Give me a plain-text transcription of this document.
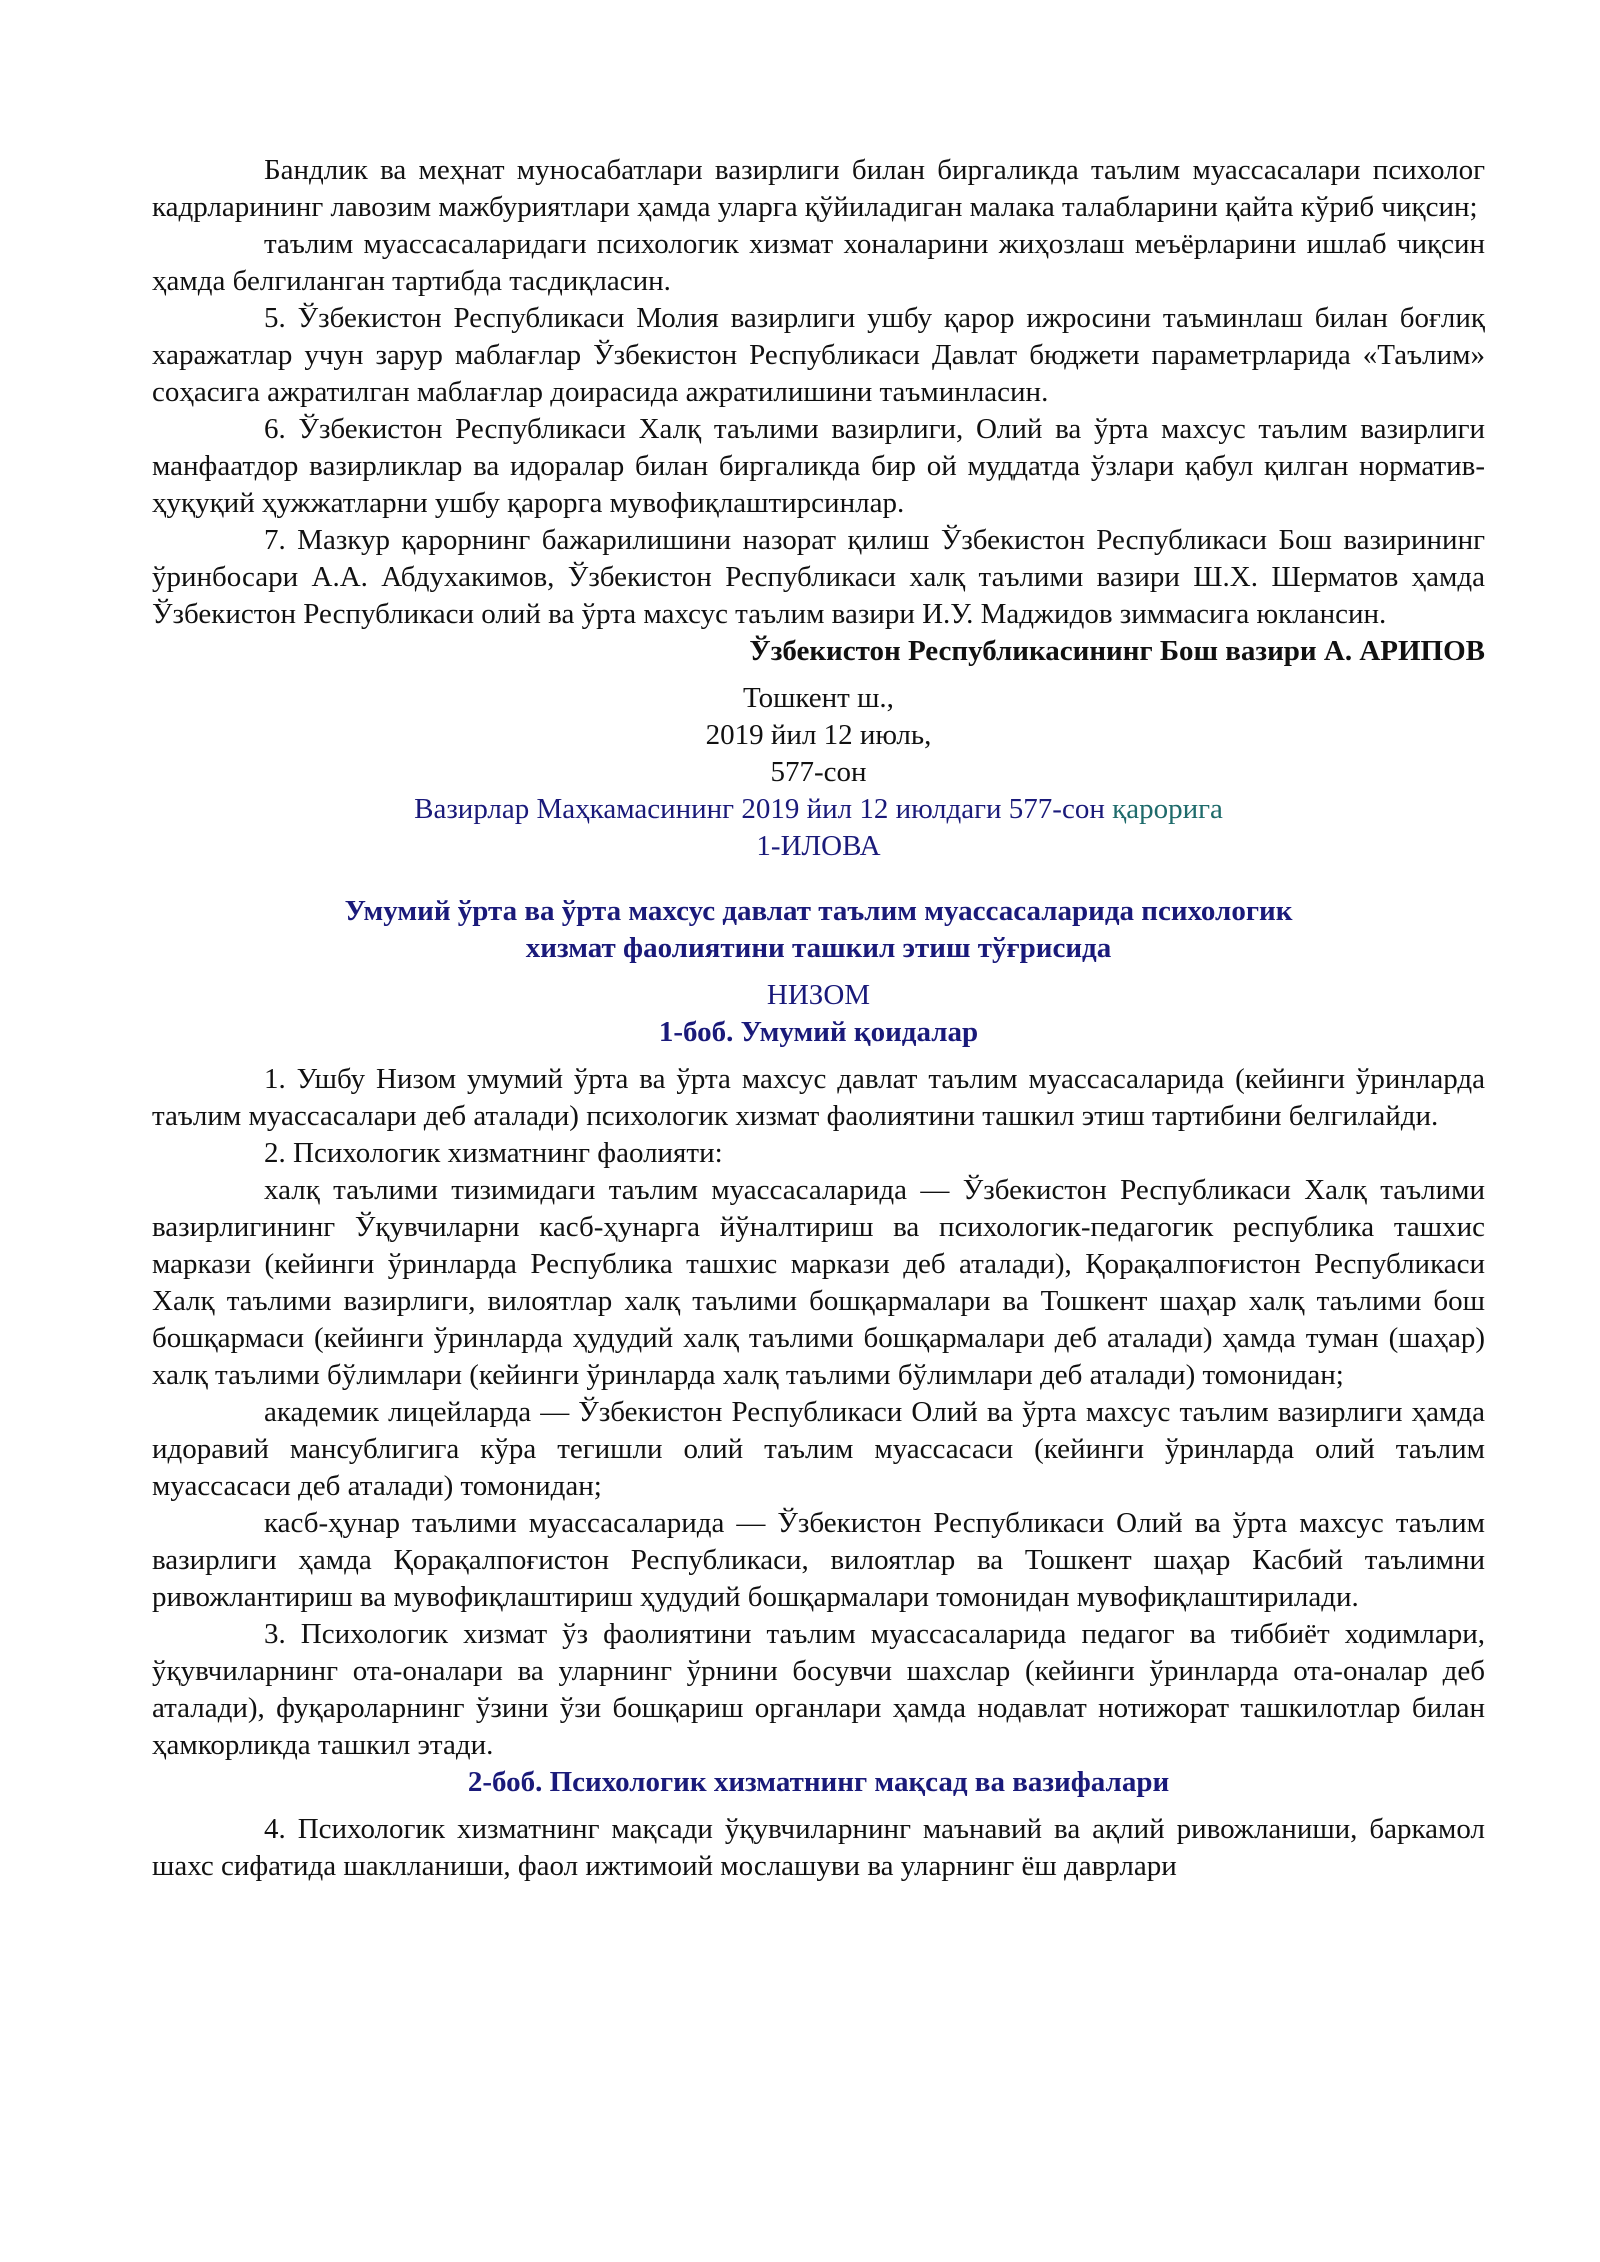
Бандлик ва меҳнат муносабатлари вазирлиги билан биргаликда таълим муассасалари психолог кадрларининг лавозим мажбуриятлари ҳамда уларга қўйиладиган малака талабларини қайта кўриб чиқсин;

таълим муассасаларидаги психологик хизмат хоналарини жиҳозлаш меъёрларини ишлаб чиқсин ҳамда белгиланган тартибда тасдиқласин.

5. Ўзбекистон Республикаси Молия вазирлиги ушбу қарор ижросини таъминлаш билан боғлиқ харажатлар учун зарур маблағлар Ўзбекистон Республикаси Давлат бюджети параметрларида «Таълим» соҳасига ажратилган маблағлар доирасида ажратилишини таъминласин.

6. Ўзбекистон Республикаси Халқ таълими вазирлиги, Олий ва ўрта махсус таълим вазирлиги манфаатдор вазирликлар ва идоралар билан биргаликда бир ой муддатда ўзлари қабул қилган норматив-ҳуқуқий ҳужжатларни ушбу қарорга мувофиқлаштирсинлар.

7. Мазкур қарорнинг бажарилишини назорат қилиш Ўзбекистон Республикаси Бош вазирининг ўринбосари А.А. Абдухакимов, Ўзбекистон Республикаси халқ таълими вазири Ш.Х. Шерматов ҳамда Ўзбекистон Республикаси олий ва ўрта махсус таълим вазири И.У. Маджидов зиммасига юклансин.

Ўзбекистон Республикасининг Бош вазири А. АРИПОВ

Тошкент ш.,

2019 йил 12 июль,

577-сон

Вазирлар Маҳкамасининг 2019 йил 12 июлдаги 577-сон қарорига

1-ИЛОВА

Умумий ўрта ва ўрта махсус давлат таълим муассасаларида психологик хизмат фаолиятини ташкил этиш тўғрисида

НИЗОМ

1-боб. Умумий қоидалар

1. Ушбу Низом умумий ўрта ва ўрта махсус давлат таълим муассасаларида (кейинги ўринларда таълим муассасалари деб аталади) психологик хизмат фаолиятини ташкил этиш тартибини белгилайди.

2. Психологик хизматнинг фаолияти:

халқ таълими тизимидаги таълим муассасаларида — Ўзбекистон Республикаси Халқ таълими вазирлигининг Ўқувчиларни касб-ҳунарга йўналтириш ва психологик-педагогик республика ташхис маркази (кейинги ўринларда Республика ташхис маркази деб аталади), Қорақалпоғистон Республикаси Халқ таълими вазирлиги, вилоятлар халқ таълими бошқармалари ва Тошкент шаҳар халқ таълими бош бошқармаси (кейинги ўринларда ҳудудий халқ таълими бошқармалари деб аталади) ҳамда туман (шаҳар) халқ таълими бўлимлари (кейинги ўринларда халқ таълими бўлимлари деб аталади) томонидан;

академик лицейларда — Ўзбекистон Республикаси Олий ва ўрта махсус таълим вазирлиги ҳамда идоравий мансублигига кўра тегишли олий таълим муассасаси (кейинги ўринларда олий таълим муассасаси деб аталади) томонидан;

касб-ҳунар таълими муассасаларида — Ўзбекистон Республикаси Олий ва ўрта махсус таълим вазирлиги ҳамда Қорақалпоғистон Республикаси, вилоятлар ва Тошкент шаҳар Касбий таълимни ривожлантириш ва мувофиқлаштириш ҳудудий бошқармалари томонидан мувофиқлаштирилади.

3. Психологик хизмат ўз фаолиятини таълим муассасаларида педагог ва тиббиёт ходимлари, ўқувчиларнинг ота-оналари ва уларнинг ўрнини босувчи шахслар (кейинги ўринларда ота-оналар деб аталади), фуқароларнинг ўзини ўзи бошқариш органлари ҳамда нодавлат нотижорат ташкилотлар билан ҳамкорликда ташкил этади.

2-боб. Психологик хизматнинг мақсад ва вазифалари

4. Психологик хизматнинг мақсади ўқувчиларнинг маънавий ва ақлий ривожланиши, баркамол шахс сифатида шаклланиши, фаол ижтимоий мослашуви ва уларнинг ёш даврлари
